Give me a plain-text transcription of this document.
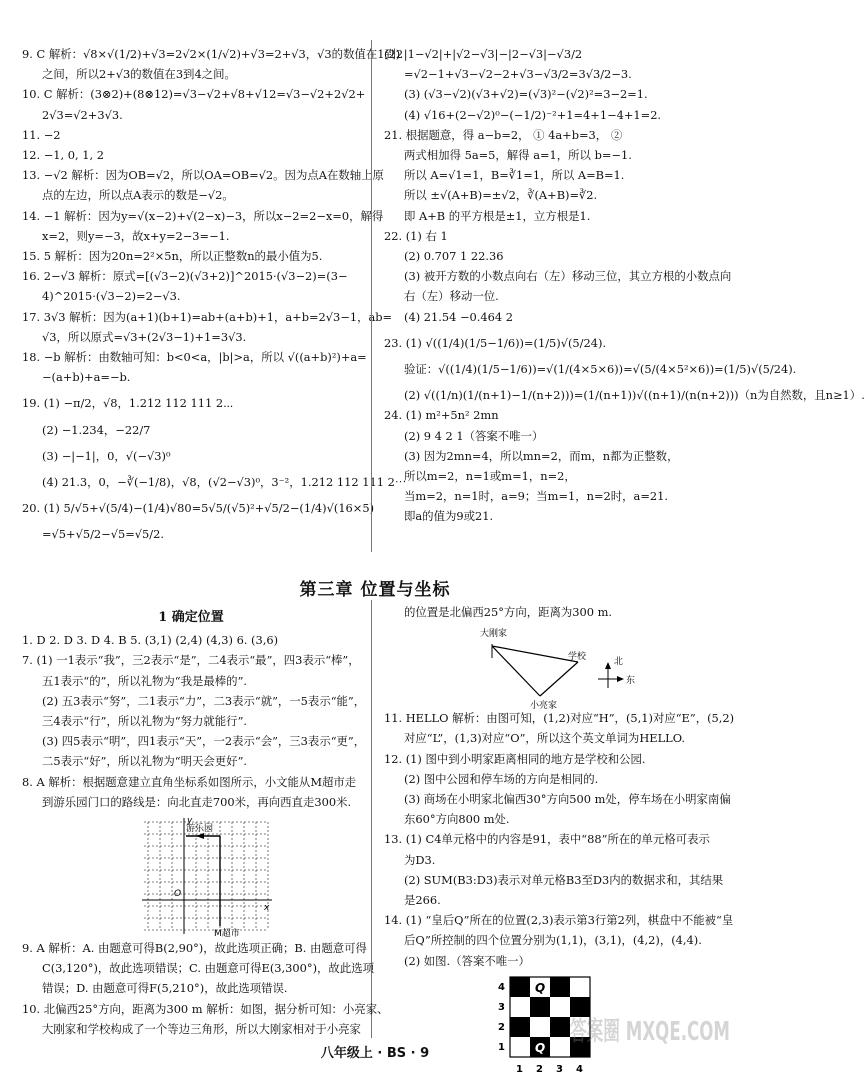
9. C 解析：√8×√(1/2)+√3=2√2×(1/√2)+√3=2+√3，√3的数值在1到2
之间，所以2+√3的数值在3到4之间。
10. C 解析：(3⊗2)+(8⊗12)=√3−√2+√8+√12=√3−√2+2√2+
2√3=√2+3√3.
11. −2
12. −1, 0, 1, 2
13. −√2 解析：因为OB=√2，所以OA=OB=√2。因为点A在数轴上原
点的左边，所以点A表示的数是−√2。
14. −1 解析：因为y=√(x−2)+√(2−x)−3，所以x−2=2−x=0，解得
x=2，则y=−3，故x+y=2−3=−1.
15. 5 解析：因为20n=2²×5n，所以正整数n的最小值为5.
16. 2−√3 解析：原式=[(√3−2)(√3+2)]^2015·(√3−2)=(3−
4)^2015·(√3−2)=2−√3.
17. 3√3 解析：因为(a+1)(b+1)=ab+(a+b)+1，a+b=2√3−1，ab=
√3，所以原式=√3+(2√3−1)+1=3√3.
18. −b 解析：由数轴可知：b<0<a，|b|>a，所以 √((a+b)²)+a=
−(a+b)+a=−b.
19. (1) −π/2，√8，1.212 112 111 2⋯
(2) −1.234，−22/7
(3) −|−1|，0，√(−√3)⁰
(4) 21.3，0，−∛(−1/8)，√8，(√2−√3)⁰，3⁻²，1.212 112 111 2⋯
20. (1) 5/√5+√(5/4)−(1/4)√80=5√5/(√5)²+√5/2−(1/4)√(16×5)
=√5+√5/2−√5=√5/2.
(2) |1−√2|+|√2−√3|−|2−√3|−√3/2
=√2−1+√3−√2−2+√3−√3/2=3√3/2−3.
(3) (√3−√2)(√3+√2)=(√3)²−(√2)²=3−2=1.
(4) √16+(2−√2)⁰−(−1/2)⁻²+1=4+1−4+1=2.
21. 根据题意，得 a−b=2， ① 4a+b=3， ②
两式相加得 5a=5，解得 a=1，所以 b=−1.
所以 A=√1=1，B=∛1=1，所以 A=B=1.
所以 ±√(A+B)=±√2，∛(A+B)=∛2.
即 A+B 的平方根是±1，立方根是1.
22. (1) 右 1
(2) 0.707 1 22.36
(3) 被开方数的小数点向右（左）移动三位，其立方根的小数点向
右（左）移动一位.
(4) 21.54 −0.464 2
23. (1) √((1/4)(1/5−1/6))=(1/5)√(5/24).
验证：√((1/4)(1/5−1/6))=√(1/(4×5×6))=√(5/(4×5²×6))=(1/5)√(5/24).
(2) √((1/n)(1/(n+1)−1/(n+2)))=(1/(n+1))√((n+1)/(n(n+2)))（n为自然数，且n≥1）.
24. (1) m²+5n² 2mn
(2) 9 4 2 1（答案不唯一）
(3) 因为2mn=4，所以mn=2，而m，n都为正整数，
所以m=2，n=1或m=1，n=2，
当m=2，n=1时，a=9；当m=1，n=2时，a=21.
即a的值为9或21.
第三章 位置与坐标
1 确定位置
1. D 2. D 3. D 4. B 5. (3,1) (2,4) (4,3) 6. (3,6)
7. (1) 一1表示“我”，三2表示“是”，二4表示“最”，四3表示“棒”，
五1表示“的”，所以礼物为“我是最棒的”.
(2) 五3表示“努”，二1表示“力”，二3表示“就”，一5表示“能”，
三4表示“行”，所以礼物为“努力就能行”.
(3) 四5表示“明”，四1表示“天”，一2表示“会”，三3表示“更”，
二5表示“好”，所以礼物为“明天会更好”.
8. A 解析：根据题意建立直角坐标系如图所示，小文能从M超市走
到游乐园门口的路线是：向北直走700米，再向西直走300米.
O
x
y
游乐园
M超市
9. A 解析：A. 由题意可得B(2,90°)，故此选项正确；B. 由题意可得
C(3,120°)，故此选项错误；C. 由题意可得E(3,300°)，故此选项
错误；D. 由题意可得F(5,210°)，故此选项错误.
10. 北偏西25°方向，距离为300 m 解析：如图，据分析可知：小亮家、
大刚家和学校构成了一个等边三角形，所以大刚家相对于小亮家
的位置是北偏西25°方向，距离为300 m.
大刚家
学校
小亮家
北
东
11. HELLO 解析：由图可知，(1,2)对应“H”，(5,1)对应“E”，(5,2)
对应“L”，(1,3)对应“O”，所以这个英文单词为HELLO.
12. (1) 图中到小明家距离相同的地方是学校和公园.
(2) 图中公园和停车场的方向是相同的.
(3) 商场在小明家北偏西30°方向500 m处，停车场在小明家南偏
东60°方向800 m处.
13. (1) C4单元格中的内容是91，表中“88”所在的单元格可表示
为D3.
(2) SUM(B3:D3)表示对单元格B3至D3内的数据求和，其结果
是266.
14. (1) “皇后Q”所在的位置(2,3)表示第3行第2列，棋盘中不能被“皇
后Q”所控制的四个位置分别为(1,1)，(3,1)，(4,2)，(4,4).
(2) 如图.（答案不唯一）
Q
Q
4
3
2
1
1 2 3 4
八年级上 · BS · 9
答案圈 MXQE.COM
